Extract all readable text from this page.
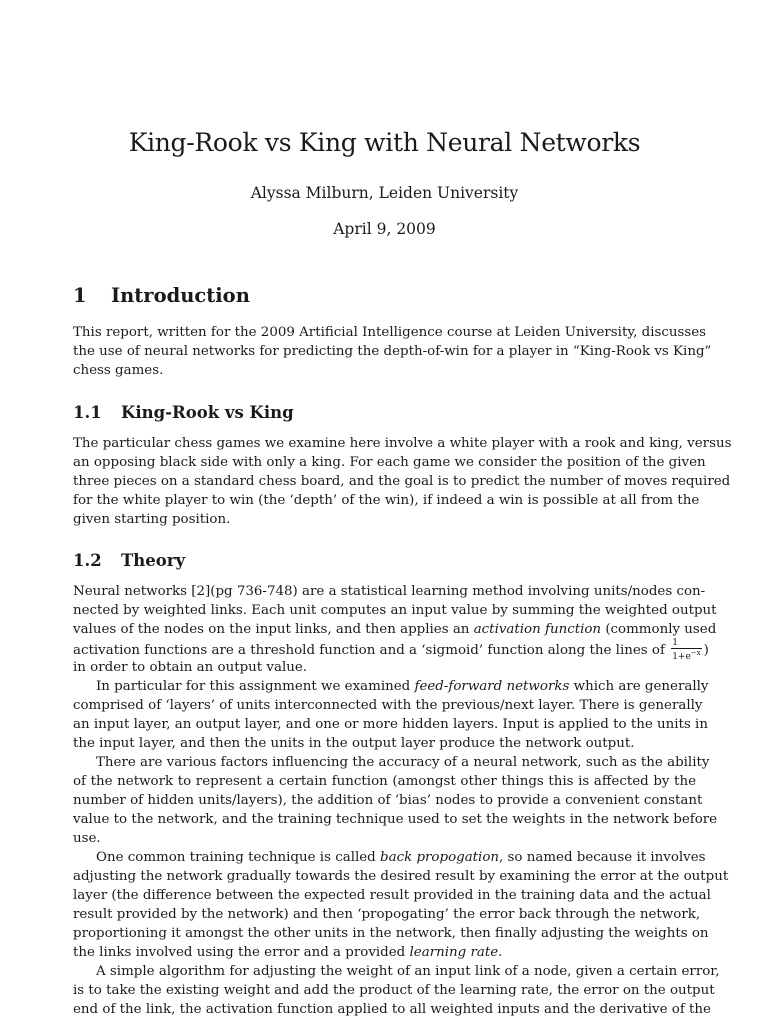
King-Rook vs King with Neural Networks
Alyssa Milburn, Leiden University
April 9, 2009
1 Introduction
This report, written for the 2009 Artificial Intelligence course at Leiden University, discusses
the use of neural networks for predicting the depth-of-win for a player in “King-Rook vs King”
chess games.
1.1 King-Rook vs King
The particular chess games we examine here involve a white player with a rook and king, versus
an opposing black side with only a king. For each game we consider the position of the given
three pieces on a standard chess board, and the goal is to predict the number of moves required
for the white player to win (the ‘depth’ of the win), if indeed a win is possible at all from the
given starting position.
1.2 Theory
Neural networks [2](pg 736-748) are a statistical learning method involving units/nodes con-
nected by weighted links. Each unit computes an input value by summing the weighted output
values of the nodes on the input links, and then applies an activation function (commonly used
activation functions are a threshold function and a ‘sigmoid’ function along the lines of $\frac{1}{1+e^{-x}}$ )
in order to obtain an output value.
In particular for this assignment we examined feed-forward networks which are generally
comprised of ‘layers’ of units interconnected with the previous/next layer. There is generally
an input layer, an output layer, and one or more hidden layers. Input is applied to the units in
the input layer, and then the units in the output layer produce the network output.
There are various factors influencing the accuracy of a neural network, such as the ability
of the network to represent a certain function (amongst other things this is affected by the
number of hidden units/layers), the addition of ‘bias’ nodes to provide a convenient constant
value to the network, and the training technique used to set the weights in the network before
use.
One common training technique is called back propogation, so named because it involves
adjusting the network gradually towards the desired result by examining the error at the output
layer (the difference between the expected result provided in the training data and the actual
result provided by the network) and then ‘propogating’ the error back through the network,
proportioning it amongst the other units in the network, then finally adjusting the weights on
the links involved using the error and a provided learning rate.
A simple algorithm for adjusting the weight of an input link of a node, given a certain error,
is to take the existing weight and add the product of the learning rate, the error on the output
end of the link, the activation function applied to all weighted inputs and the derivative of the
